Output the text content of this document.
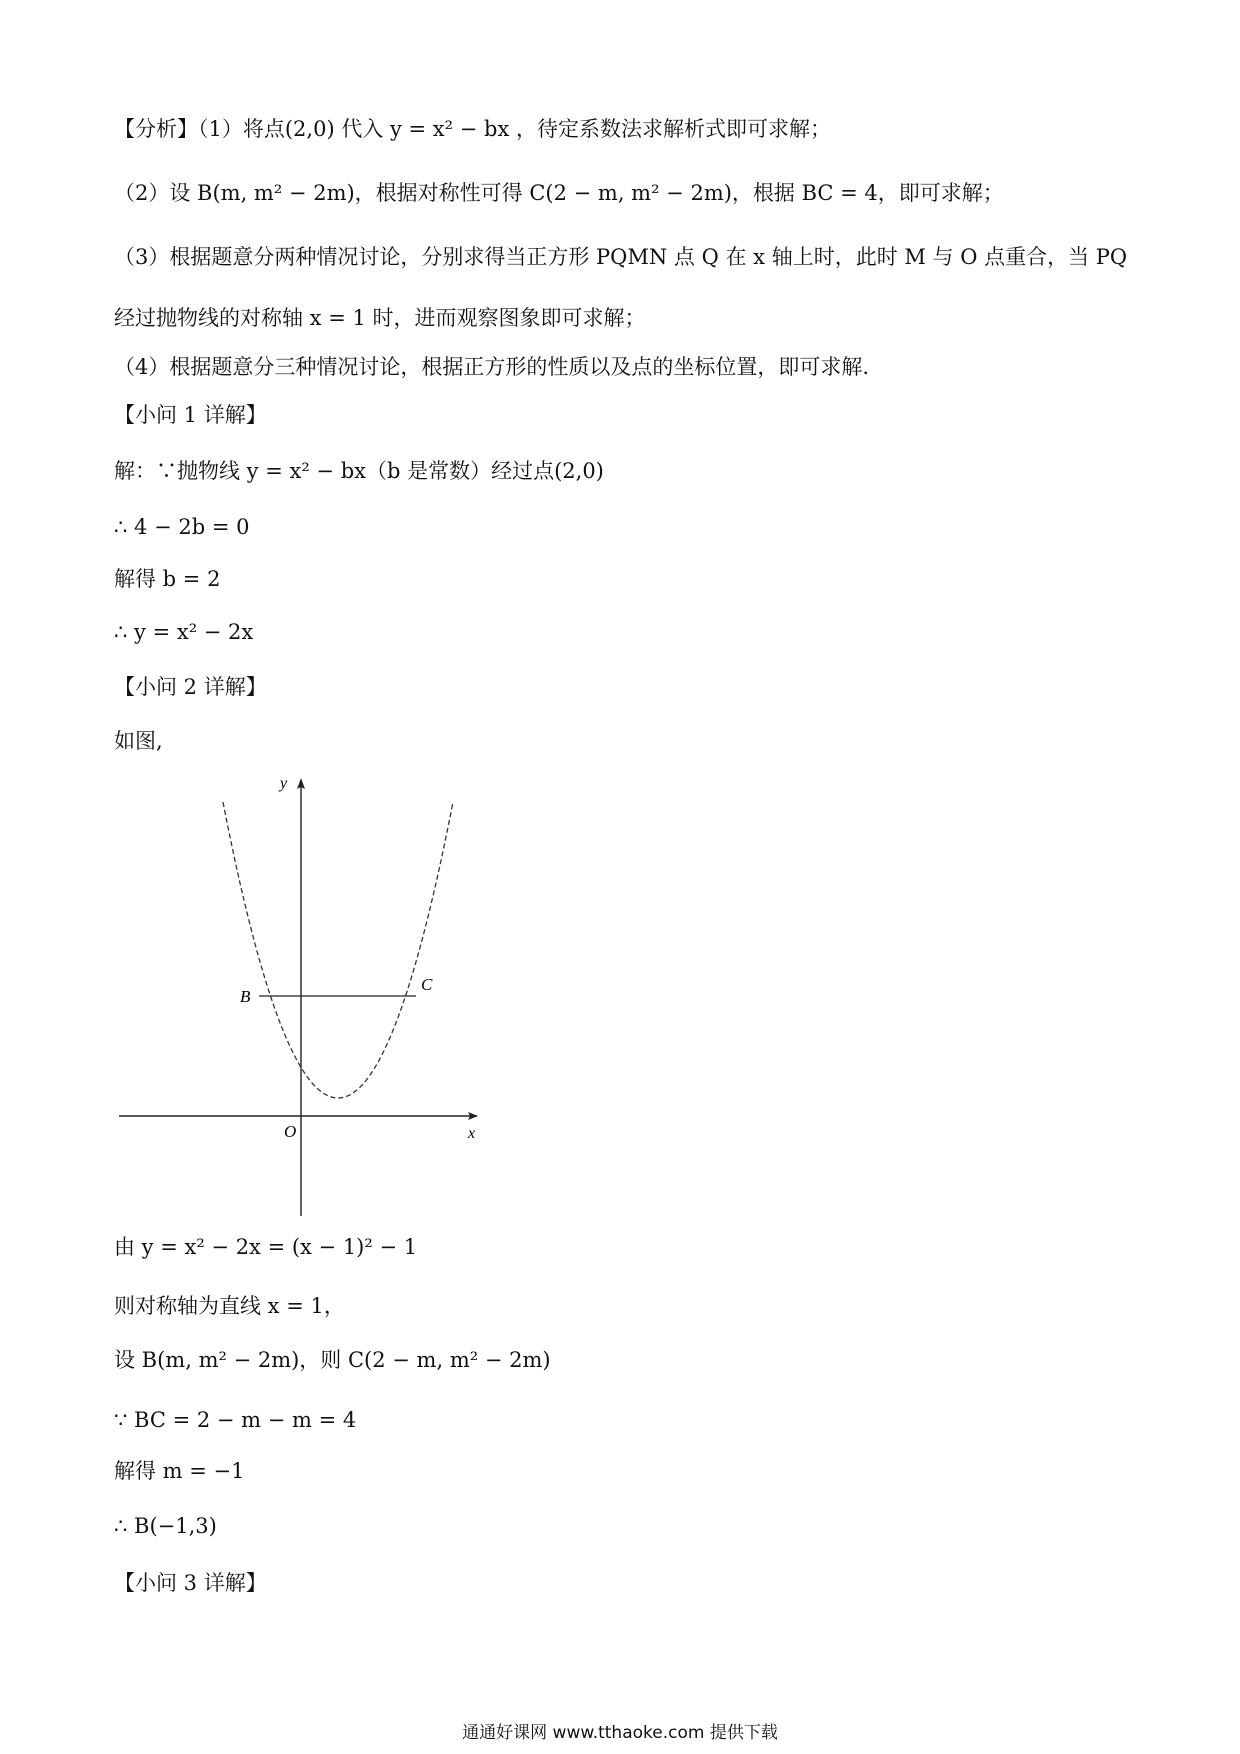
【分析】（1）将点(2,0) 代入 y = x² − bx ，待定系数法求解析式即可求解；
（2）设 B(m, m² − 2m)，根据对称性可得 C(2 − m, m² − 2m)，根据 BC = 4，即可求解；
（3）根据题意分两种情况讨论，分别求得当正方形 PQMN 点 Q 在 x 轴上时，此时 M 与 O 点重合，当 PQ
经过抛物线的对称轴 x = 1 时，进而观察图象即可求解；
（4）根据题意分三种情况讨论，根据正方形的性质以及点的坐标位置，即可求解.
【小问 1 详解】
解：∵抛物线 y = x² − bx（b 是常数）经过点(2,0)
∴ 4 − 2b = 0
解得 b = 2
∴ y = x² − 2x
【小问 2 详解】
如图,
y
x
O
B
C
由 y = x² − 2x = (x − 1)² − 1
则对称轴为直线 x = 1，
设 B(m, m² − 2m)，则 C(2 − m, m² − 2m)
∵ BC = 2 − m − m = 4
解得 m = −1
∴ B(−1,3)
【小问 3 详解】
通通好课网 www.tthaoke.com 提供下载
